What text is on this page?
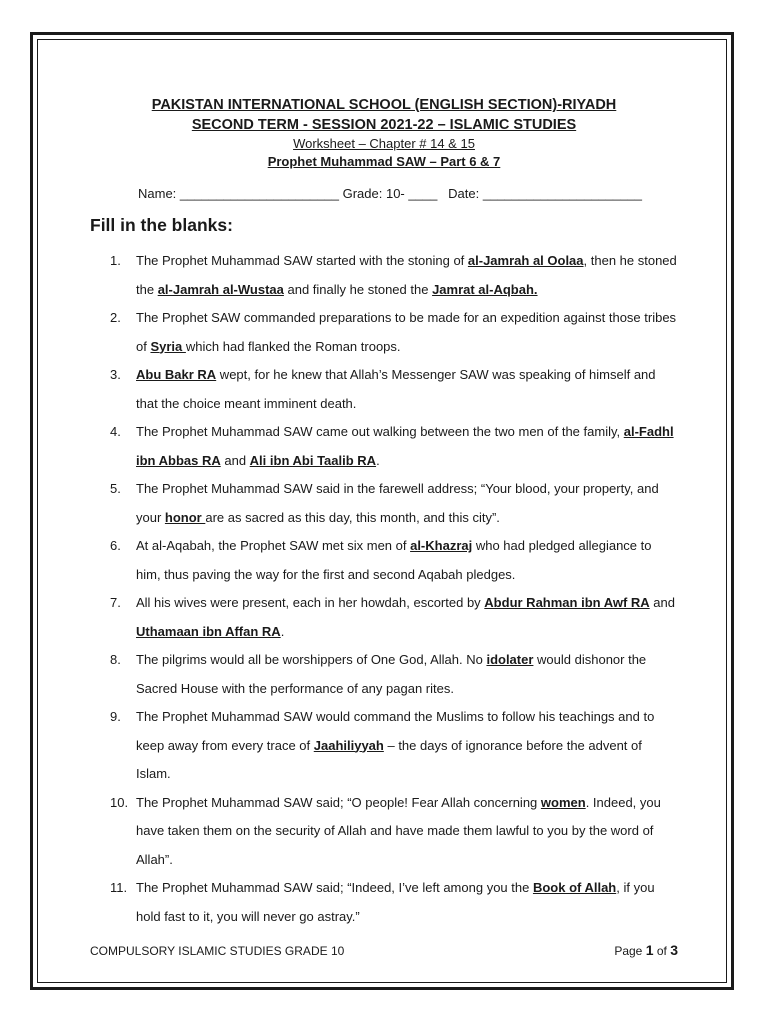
PAKISTAN INTERNATIONAL SCHOOL (ENGLISH SECTION)-RIYADH
SECOND TERM - SESSION 2021-22 – ISLAMIC STUDIES
Worksheet – Chapter # 14 & 15
Prophet Muhammad SAW – Part 6 & 7
Name: ______________________ Grade: 10- ____ Date: ______________________
Fill in the blanks:
1.	The Prophet Muhammad SAW started with the stoning of al-Jamrah al Oolaa, then he stoned the al-Jamrah al-Wustaa and finally he stoned the Jamrat al-Aqbah.
2.	The Prophet SAW commanded preparations to be made for an expedition against those tribes of Syria which had flanked the Roman troops.
3.	Abu Bakr RA wept, for he knew that Allah’s Messenger SAW was speaking of himself and that the choice meant imminent death.
4.	The Prophet Muhammad SAW came out walking between the two men of the family, al-Fadhl ibn Abbas RA and Ali ibn Abi Taalib RA.
5.	The Prophet Muhammad SAW said in the farewell address; “Your blood, your property, and your honor are as sacred as this day, this month, and this city”.
6.	At al-Aqabah, the Prophet SAW met six men of al-Khazraj who had pledged allegiance to him, thus paving the way for the first and second Aqabah pledges.
7.	All his wives were present, each in her howdah, escorted by Abdur Rahman ibn Awf RA and Uthamaan ibn Affan RA.
8.	The pilgrims would all be worshippers of One God, Allah. No idolater would dishonor the Sacred House with the performance of any pagan rites.
9.	The Prophet Muhammad SAW would command the Muslims to follow his teachings and to keep away from every trace of Jaahiliyyah – the days of ignorance before the advent of Islam.
10. The Prophet Muhammad SAW said; “O people! Fear Allah concerning women. Indeed, you have taken them on the security of Allah and have made them lawful to you by the word of Allah”.
11. The Prophet Muhammad SAW said; “Indeed, I’ve left among you the Book of Allah, if you hold fast to it, you will never go astray.”
COMPULSORY ISLAMIC STUDIES GRADE 10	Page 1 of 3
